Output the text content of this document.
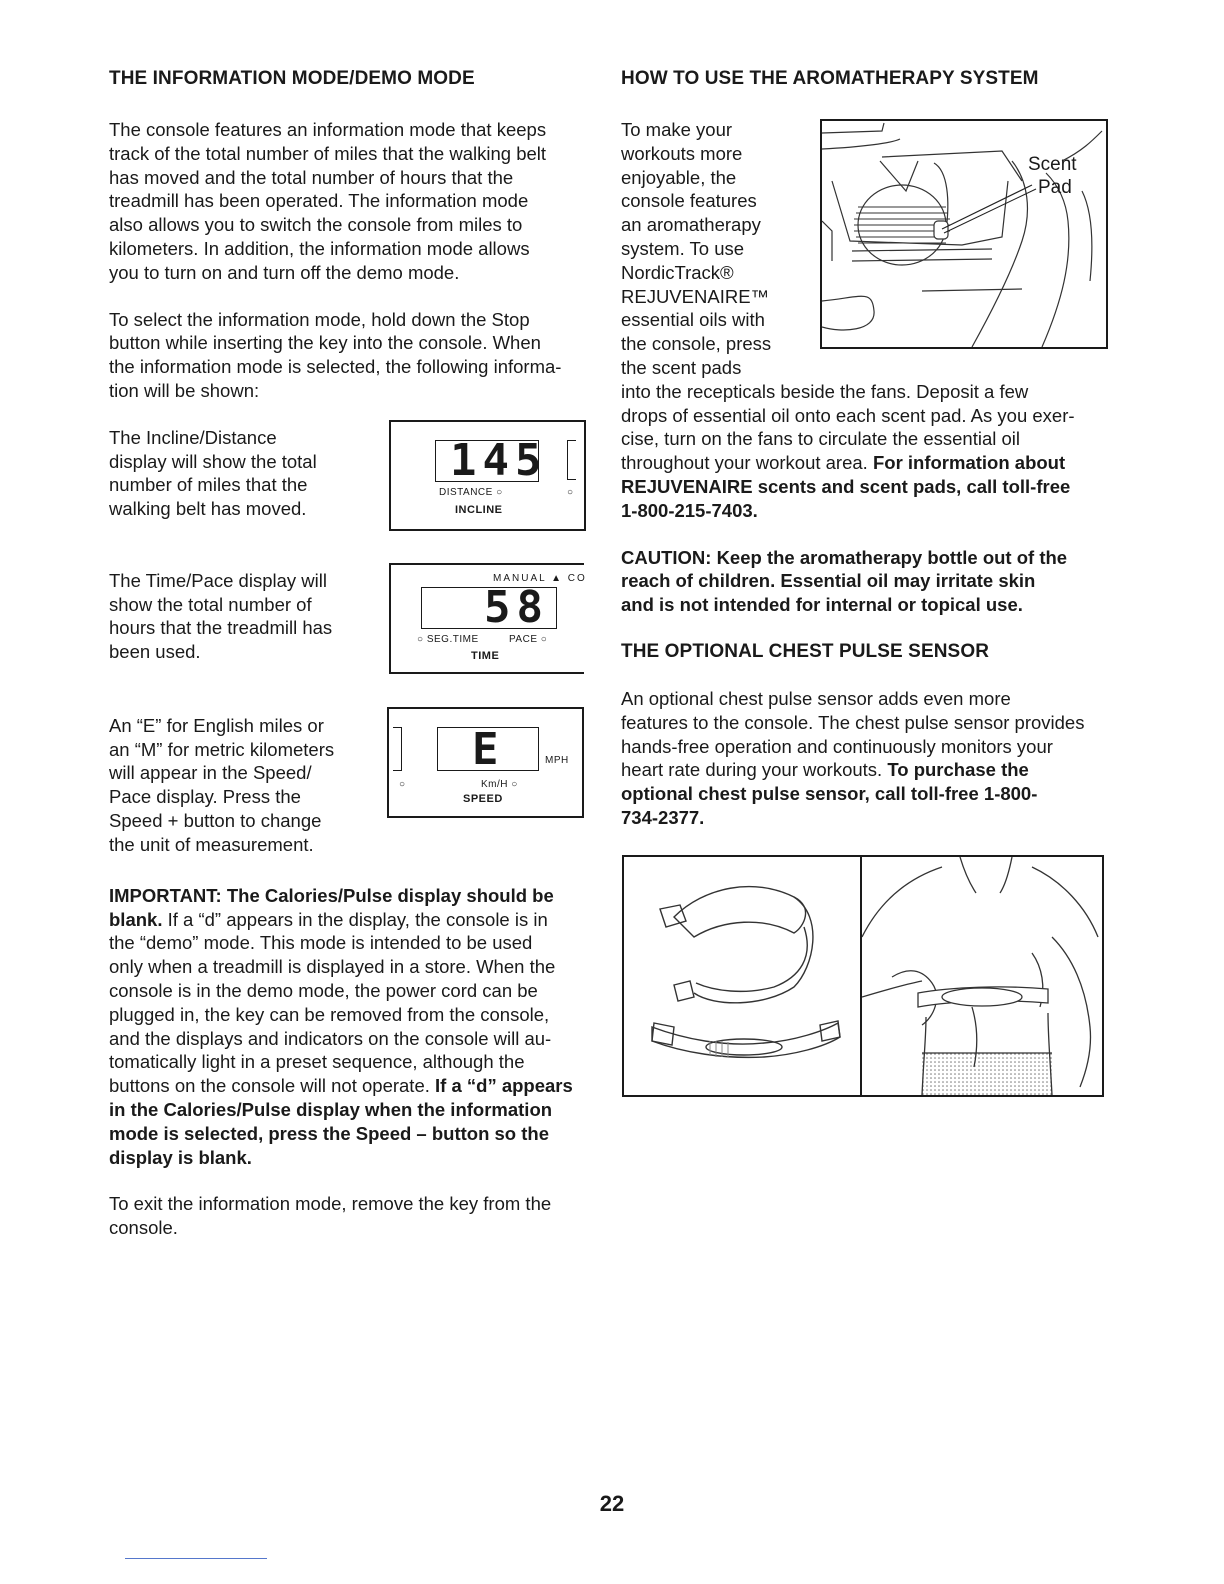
THE INFORMATION MODE/DEMO MODE

The console features an information mode that keeps
track of the total number of miles that the walking belt
has moved and the total number of hours that the
treadmill has been operated. The information mode
also allows you to switch the console from miles to
kilometers. In addition, the information mode allows
you to turn on and turn off the demo mode.

To select the information mode, hold down the Stop
button while inserting the key into the console. When
the information mode is selected, the following informa-
tion will be shown:

The Incline/Distance
display will show the total
number of miles that the
walking belt has moved.

145
DISTANCE ○	○
INCLINE

The Time/Pace display will
show the total number of
hours that the treadmill has
been used.

MANUAL ▲ CO
58
○ SEG.TIME	PACE ○
TIME

An “E” for English miles or
an “M” for metric kilometers
will appear in the Speed/
Pace display. Press the
Speed + button to change
the unit of measurement.

E	MPH
○	Km/H ○
SPEED

IMPORTANT: The Calories/Pulse display should be
blank. If a “d” appears in the display, the console is in
the “demo” mode. This mode is intended to be used
only when a treadmill is displayed in a store. When the
console is in the demo mode, the power cord can be
plugged in, the key can be removed from the console,
and the displays and indicators on the console will au-
tomatically light in a preset sequence, although the
buttons on the console will not operate. If a “d” appears
in the Calories/Pulse display when the information
mode is selected, press the Speed – button so the
display is blank.

To exit the information mode, remove the key from the
console.

HOW TO USE THE AROMATHERAPY SYSTEM

To make your
workouts more
enjoyable, the
console features
an aromatherapy
system. To use
NordicTrack®
REJUVENAIRE™
essential oils with
the console, press
the scent pads

into the recepticals beside the fans. Deposit a few
drops of essential oil onto each scent pad. As you exer-
cise, turn on the fans to circulate the essential oil
throughout your workout area. For information about
REJUVENAIRE scents and scent pads, call toll-free
1-800-215-7403.

CAUTION: Keep the aromatherapy bottle out of the
reach of children. Essential oil may irritate skin
and is not intended for internal or topical use.

THE OPTIONAL CHEST PULSE SENSOR

An optional chest pulse sensor adds even more
features to the console. The chest pulse sensor provides
hands-free operation and continuously monitors your
heart rate during your workouts. To purchase the
optional chest pulse sensor, call toll-free 1-800-
734-2377.

Scent
Pad
22
